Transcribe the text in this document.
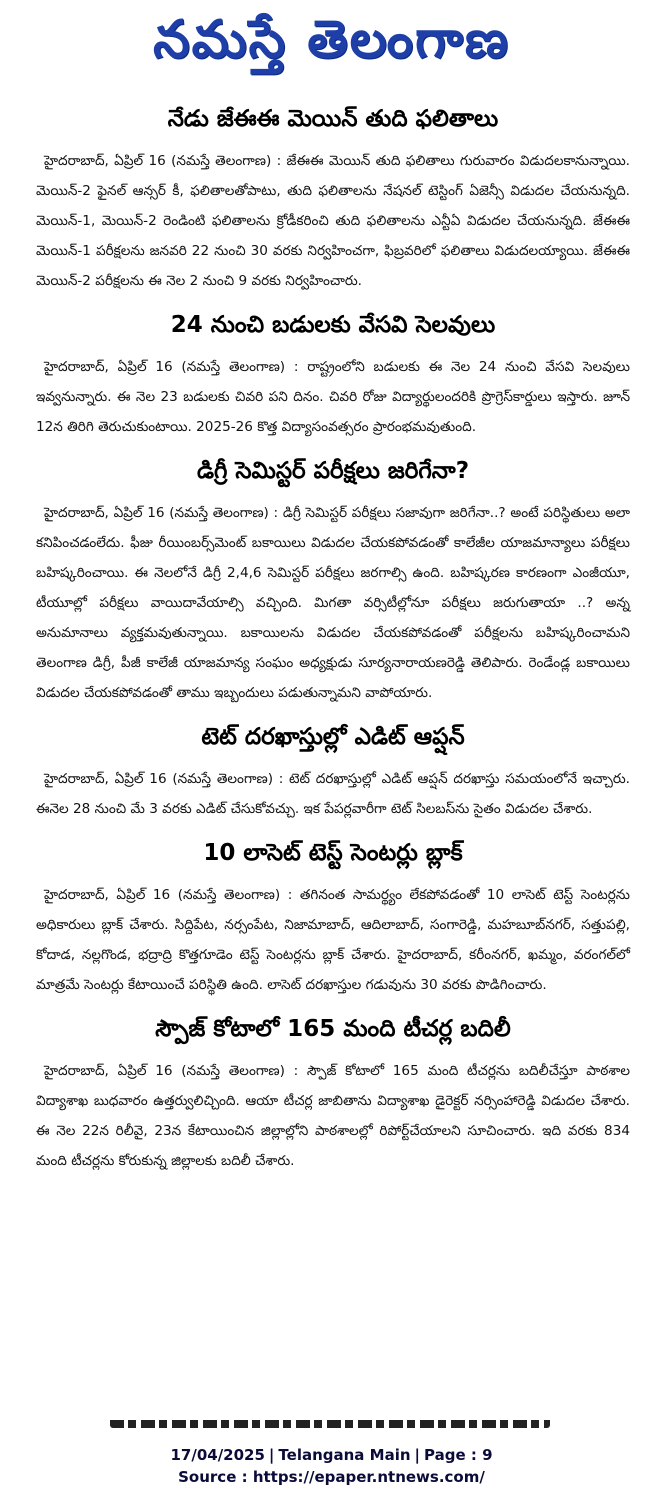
నమస్తే తెలంగాణ
నేడు జేఈఈ మెయిన్ తుది ఫలితాలు

హైదరాబాద్, ఏప్రిల్ 16 (నమస్తే తెలంగాణ) : జేఈఈ మెయిన్ తుది ఫలితాలు గురువారం విడుదలకానున్నాయి. మెయిన్-2 ఫైనల్ ఆన్సర్ కీ, ఫలితాలతోపాటు, తుది ఫలితాలను నేషనల్ టెస్టింగ్ ఏజెన్సీ విడుదల చేయనున్నది. మెయిన్-1, మెయిన్-2 రెండింటి ఫలితాలను క్రోడీకరించి తుది ఫలితాలను ఎన్టీఏ విడుదల చేయనున్నది. జేఈఈ మెయిన్-1 పరీక్షలను జనవరి 22 నుంచి 30 వరకు నిర్వహించగా, ఫిబ్రవరిలో ఫలితాలు విడుదలయ్యాయి. జేఈఈ మెయిన్-2 పరీక్షలను ఈ నెల 2 నుంచి 9 వరకు నిర్వహించారు.

24 నుంచి బడులకు వేసవి సెలవులు

హైదరాబాద్, ఏప్రిల్ 16 (నమస్తే తెలంగాణ) : రాష్ట్రంలోని బడులకు ఈ నెల 24 నుంచి వేసవి సెలవులు ఇవ్వనున్నారు. ఈ నెల 23 బడులకు చివరి పని దినం. చివరి రోజు విద్యార్థులందరికి ప్రొగ్రెస్‌కార్డులు ఇస్తారు. జూన్ 12న తిరిగి తెరుచుకుంటాయి. 2025-26 కొత్త విద్యాసంవత్సరం ప్రారంభమవుతుంది.

డిగ్రీ సెమిస్టర్ పరీక్షలు జరిగేనా?

హైదరాబాద్, ఏప్రిల్ 16 (నమస్తే తెలంగాణ) : డిగ్రీ సెమిస్టర్ పరీక్షలు సజావుగా జరిగేనా..? అంటే పరిస్థితులు అలా కనిపించడంలేదు. ఫీజు రీయింబర్స్‌మెంట్ బకాయిలు విడుదల చేయకపోవడంతో కాలేజీల యాజమాన్యాలు పరీక్షలు బహిష్కరించాయి. ఈ నెలలోనే డిగ్రీ 2,4,6 సెమిస్టర్ పరీక్షలు జరగాల్సి ఉంది. బహిష్కరణ కారణంగా ఎంజీయూ, టీయూల్లో పరీక్షలు వాయిదావేయాల్సి వచ్చింది. మిగతా వర్సిటీల్లోనూ పరీక్షలు జరుగుతాయా ..? అన్న అనుమానాలు వ్యక్తమవుతున్నాయి. బకాయిలను విడుదల చేయకపోవడంతో పరీక్షలను బహిష్కరించామని తెలంగాణ డిగ్రీ, పీజీ కాలేజీ యాజమాన్య సంఘం అధ్యక్షుడు సూర్యనారాయణరెడ్డి తెలిపారు. రెండేండ్ల బకాయిలు విడుదల చేయకపోవడంతో తాము ఇబ్బందులు పడుతున్నామని వాపోయారు.

టెట్ దరఖాస్తుల్లో ఎడిట్ ఆప్షన్

హైదరాబాద్, ఏప్రిల్ 16 (నమస్తే తెలంగాణ) : టెట్ దరఖాస్తుల్లో ఎడిట్ ఆప్షన్ దరఖాస్తు సమయంలోనే ఇచ్చారు. ఈనెల 28 నుంచి మే 3 వరకు ఎడిట్ చేసుకోవచ్చు. ఇక పేపర్లవారీగా టెట్ సిలబస్‌ను సైతం విడుదల చేశారు.

10 లాసెట్ టెస్ట్ సెంటర్లు బ్లాక్

హైదరాబాద్, ఏప్రిల్ 16 (నమస్తే తెలంగాణ) : తగినంత సామర్థ్యం లేకపోవడంతో 10 లాసెట్ టెస్ట్ సెంటర్లను అధికారులు బ్లాక్ చేశారు. సిద్దిపేట, నర్సంపేట, నిజామాబాద్, ఆదిలాబాద్, సంగారెడ్డి, మహబూబ్‌నగర్, సత్తుపల్లి, కోదాడ, నల్లగొండ, భద్రాద్రి కొత్తగూడెం టెస్ట్ సెంటర్లను బ్లాక్ చేశారు. హైదరాబాద్, కరీంనగర్, ఖమ్మం, వరంగల్‌లో మాత్రమే సెంటర్లు కేటాయించే పరిస్థితి ఉంది. లాసెట్ దరఖాస్తుల గడువును 30 వరకు పొడిగించారు.

స్పౌజ్ కోటాలో 165 మంది టీచర్ల బదిలీ

హైదరాబాద్, ఏప్రిల్ 16 (నమస్తే తెలంగాణ) : స్పౌజ్ కోటాలో 165 మంది టీచర్లను బదిలీచేస్తూ పాఠశాల విద్యాశాఖ బుధవారం ఉత్తర్వులిచ్చింది. ఆయా టీచర్ల జాబితాను విద్యాశాఖ డైరెక్టర్ నర్సింహారెడ్డి విడుదల చేశారు. ఈ నెల 22న రిలీవై, 23న కేటాయించిన జిల్లాల్లోని పాఠశాలల్లో రిపోర్ట్‌చేయాలని సూచించారు. ఇది వరకు 834 మంది టీచర్లను కోరుకున్న జిల్లాలకు బదిలీ చేశారు.

17/04/2025 | Telangana Main | Page : 9
Source : https://epaper.ntnews.com/
